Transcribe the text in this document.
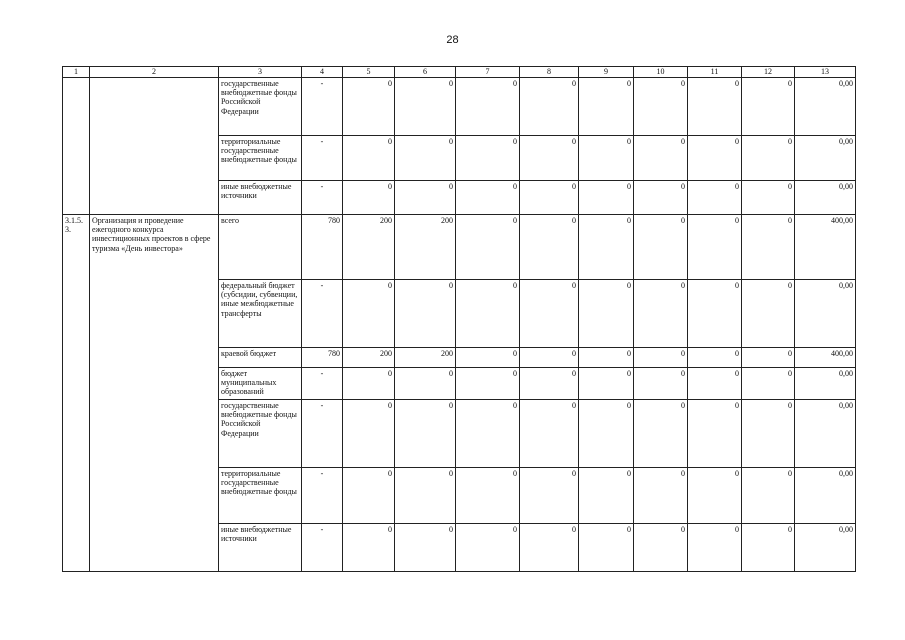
28
1	2	3	4	5	6	7	8	9	10	11	12	13
		государственные внебюджетные фонды Российской Федерации	-	0	0	0	0	0	0	0	0	0,00
		территориальные государственные внебюджетные фонды	-	0	0	0	0	0	0	0	0	0,00
		иные внебюджетные источники	-	0	0	0	0	0	0	0	0	0,00
3.1.5. 3.	Организация и проведение ежегодного конкурса инвестиционных проектов в сфере туризма «День инвестора»	всего	780	200	200	0	0	0	0	0	0	400,00
		федеральный бюджет (субсидии, субвенции, иные межбюджетные трансферты	-	0	0	0	0	0	0	0	0	0,00
		краевой бюджет	780	200	200	0	0	0	0	0	0	400,00
		бюджет муниципальных образований	-	0	0	0	0	0	0	0	0	0,00
		государственные внебюджетные фонды Российской Федерации	-	0	0	0	0	0	0	0	0	0,00
		территориальные государственные внебюджетные фонды	-	0	0	0	0	0	0	0	0	0,00
		иные внебюджетные источники	-	0	0	0	0	0	0	0	0	0,00
